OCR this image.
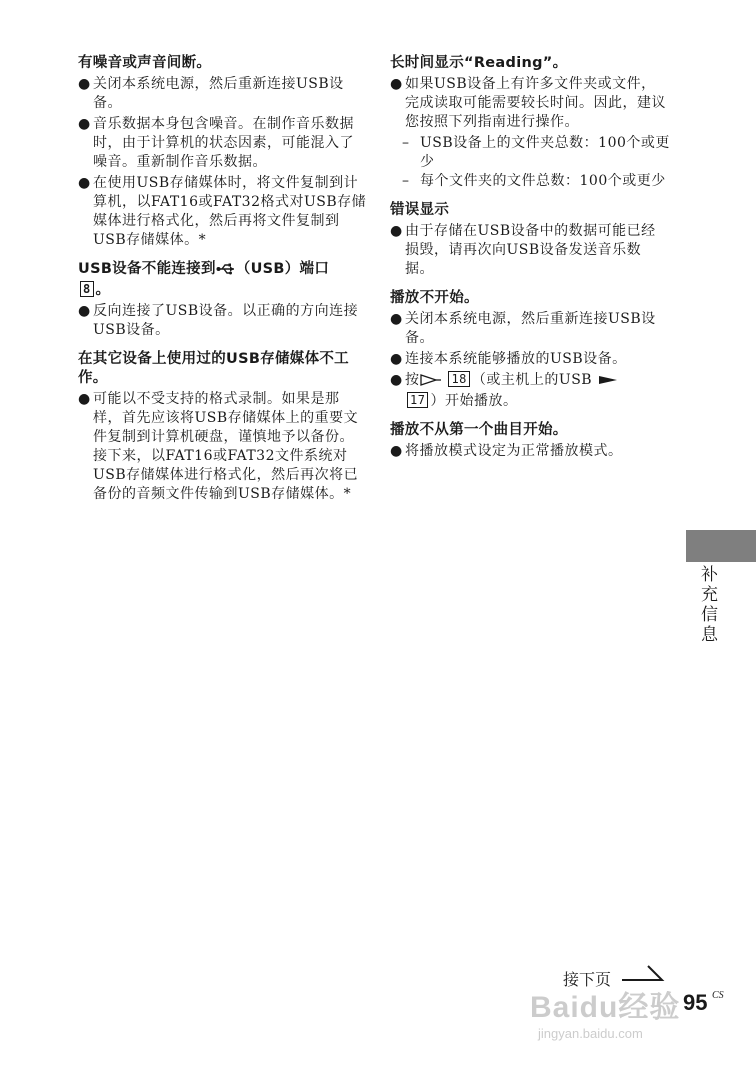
有噪音或声音间断。
● 关闭本系统电源，然后重新连接USB设备。
● 音乐数据本身包含噪音。在制作音乐数据时，由于计算机的状态因素，可能混入了噪音。重新制作音乐数据。
● 在使用USB存储媒体时，将文件复制到计算机，以FAT16或FAT32格式对USB存储媒体进行格式化，然后再将文件复制到USB存储媒体。*
USB设备不能连接到 （USB）端口
8 。
● 反向连接了USB设备。以正确的方向连接USB设备。
在其它设备上使用过的USB存储媒体不工作。
● 可能以不受支持的格式录制。如果是那样，首先应该将USB存储媒体上的重要文件复制到计算机硬盘，谨慎地予以备份。接下来，以FAT16或FAT32文件系统对USB存储媒体进行格式化，然后再次将已备份的音频文件传输到USB存储媒体。*
长时间显示“Reading”。
● 如果USB设备上有许多文件夹或文件，完成读取可能需要较长时间。因此，建议您按照下列指南进行操作。
– USB设备上的文件夹总数：100个或更少
– 每个文件夹的文件总数：100个或更少
错误显示
● 由于存储在USB设备中的数据可能已经损毁，请再次向USB设备发送音乐数据。
播放不开始。
● 关闭本系统电源，然后重新连接USB设备。
● 连接本系统能够播放的USB设备。
● 按	18 （或主机上的USB
17 ）开始播放。
播放不从第一个曲目开始。
● 将播放模式设定为正常播放模式。
补充信息
Baidu经验
jingyan.baidu.com
接下页
95 CS
